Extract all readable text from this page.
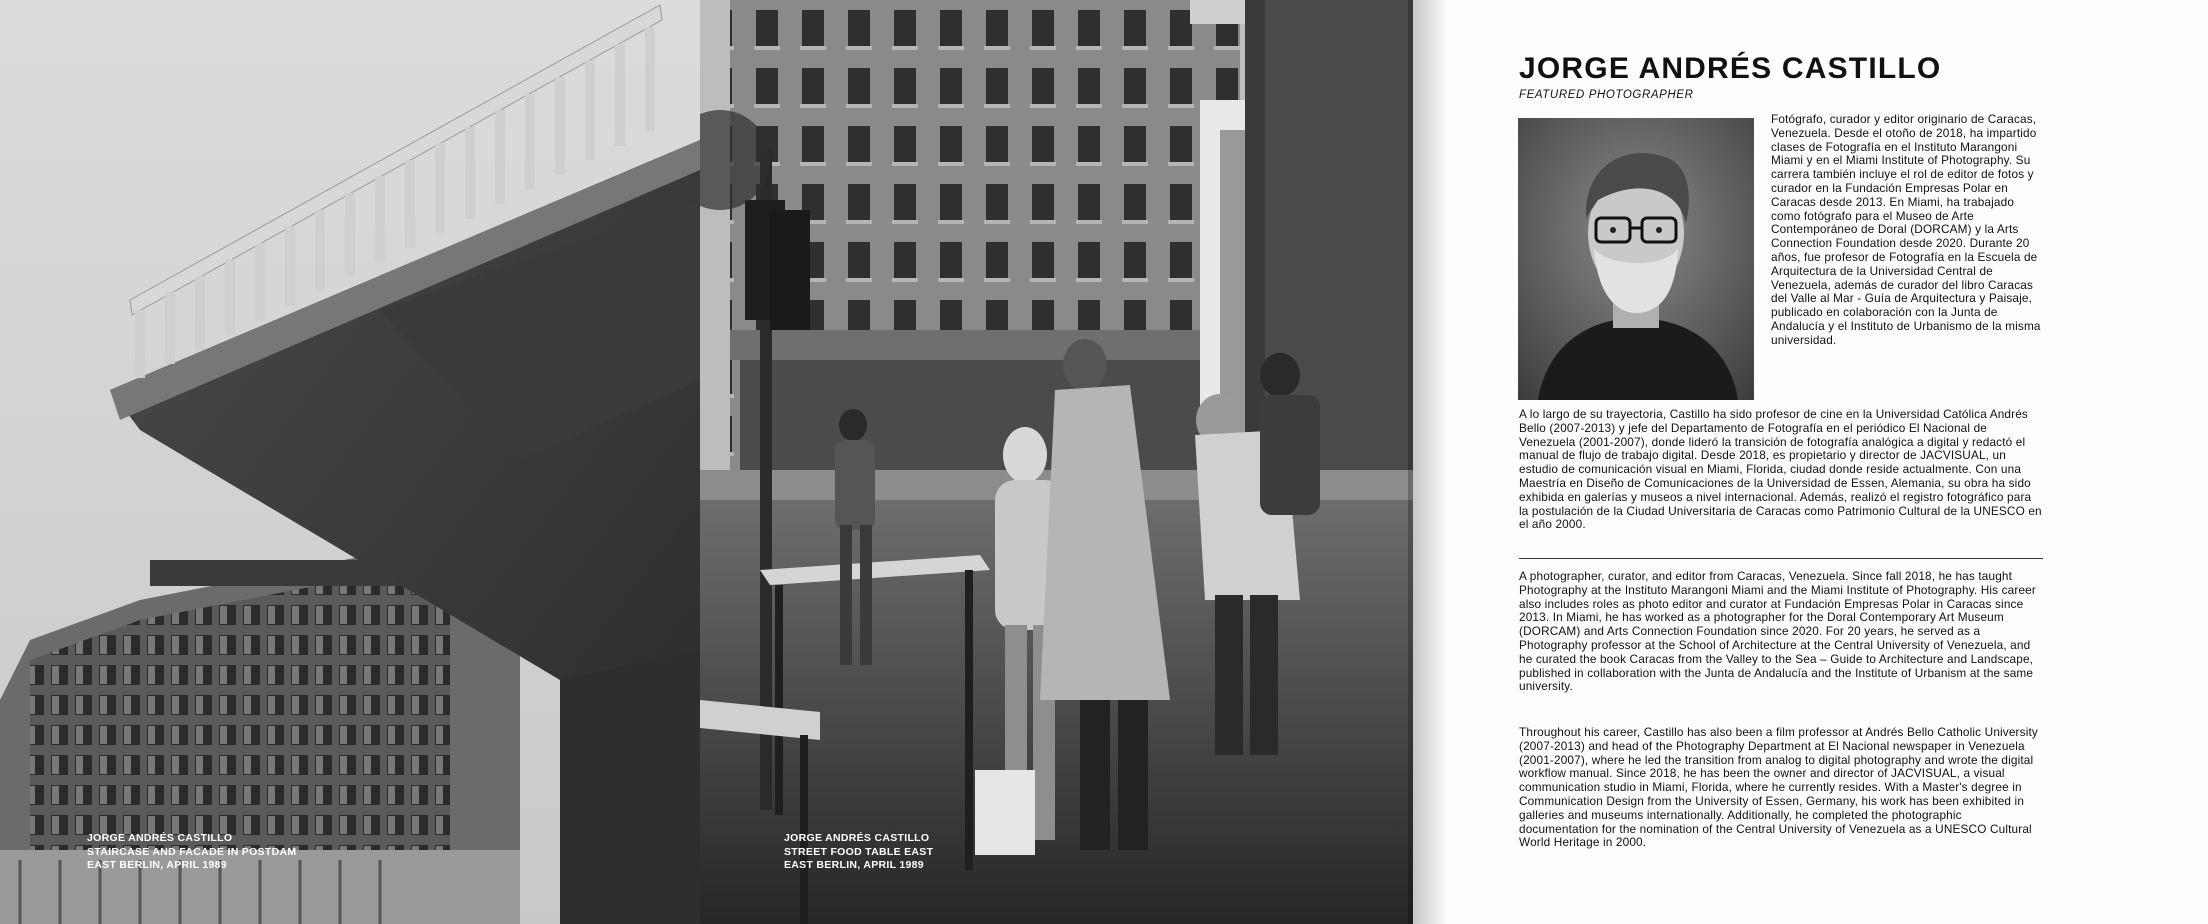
JORGE ANDRÉS CASTILLO
STAIRCASE AND FACADE IN POSTDAM
EAST BERLIN, APRIL 1989
JORGE ANDRÉS CASTILLO
STREET FOOD TABLE EAST
EAST BERLIN, APRIL 1989
JORGE ANDRÉS CASTILLO
FEATURED PHOTOGRAPHER

Fotógrafo, curador y editor originario de Caracas, Venezuela. Desde el otoño de 2018, ha impartido clases de Fotografía en el Instituto Marangoni Miami y en el Miami Institute of Photography. Su carrera también incluye el rol de editor de fotos y curador en la Fundación Empresas Polar en Caracas desde 2013. En Miami, ha trabajado como fotógrafo para el Museo de Arte Contemporáneo de Doral (DORCAM) y la Arts Connection Foundation desde 2020. Durante 20 años, fue profesor de Fotografía en la Escuela de Arquitectura de la Universidad Central de Venezuela, además de curador del libro Caracas del Valle al Mar - Guía de Arquitectura y Paisaje, publicado en colaboración con la Junta de Andalucía y el Instituto de Urbanismo de la misma universidad.

A lo largo de su trayectoria, Castillo ha sido profesor de cine en la Universidad Católica Andrés Bello (2007-2013) y jefe del Departamento de Fotografía en el periódico El Nacional de Venezuela (2001-2007), donde lideró la transición de fotografía analógica a digital y redactó el manual de flujo de trabajo digital. Desde 2018, es propietario y director de JACVISUAL, un estudio de comunicación visual en Miami, Florida, ciudad donde reside actualmente. Con una Maestría en Diseño de Comunicaciones de la Universidad de Essen, Alemania, su obra ha sido exhibida en galerías y museos a nivel internacional. Además, realizó el registro fotográfico para la postulación de la Ciudad Universitaria de Caracas como Patrimonio Cultural de la UNESCO en el año 2000.

A photographer, curator, and editor from Caracas, Venezuela. Since fall 2018, he has taught Photography at the Instituto Marangoni Miami and the Miami Institute of Photography. His career also includes roles as photo editor and curator at Fundación Empresas Polar in Caracas since 2013. In Miami, he has worked as a photographer for the Doral Contemporary Art Museum (DORCAM) and Arts Connection Foundation since 2020. For 20 years, he served as a Photography professor at the School of Architecture at the Central University of Venezuela, and he curated the book Caracas from the Valley to the Sea – Guide to Architecture and Landscape, published in collaboration with the Junta de Andalucía and the Institute of Urbanism at the same university.

Throughout his career, Castillo has also been a film professor at Andrés Bello Catholic University (2007-2013) and head of the Photography Department at El Nacional newspaper in Venezuela (2001-2007), where he led the transition from analog to digital photography and wrote the digital workflow manual. Since 2018, he has been the owner and director of JACVISUAL, a visual communication studio in Miami, Florida, where he currently resides. With a Master's degree in Communication Design from the University of Essen, Germany, his work has been exhibited in galleries and museums internationally. Additionally, he completed the photographic documentation for the nomination of the Central University of Venezuela as a UNESCO Cultural World Heritage in 2000.
